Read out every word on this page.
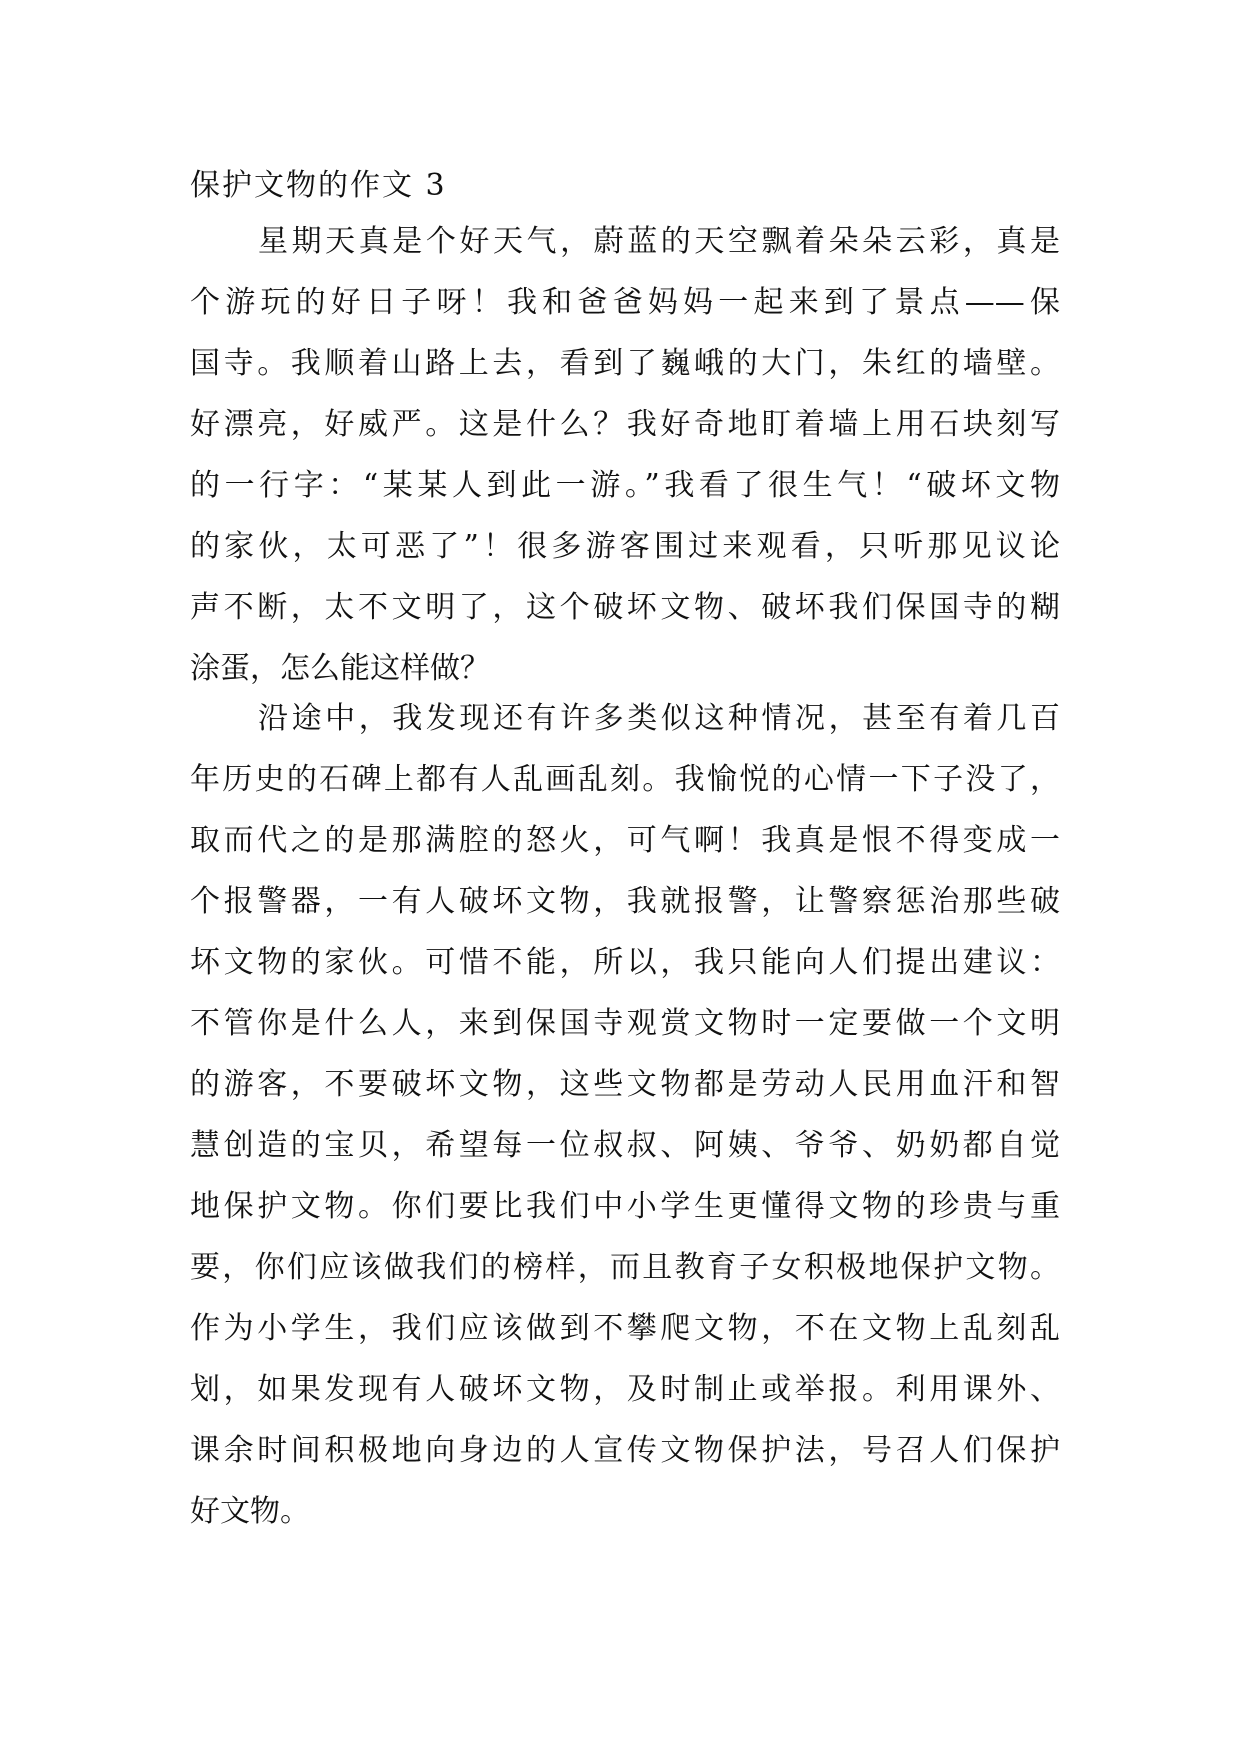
保护文物的作文 3
星期天真是个好天气，蔚蓝的天空飘着朵朵云彩，真是
个游玩的好日子呀！我和爸爸妈妈一起来到了景点——保
国寺。我顺着山路上去，看到了巍峨的大门，朱红的墙壁。
好漂亮，好威严。这是什么？我好奇地盯着墙上用石块刻写
的一行字：“某某人到此一游。”我看了很生气！“破坏文物
的家伙，太可恶了”！很多游客围过来观看，只听那见议论
声不断，太不文明了，这个破坏文物、破坏我们保国寺的糊
涂蛋，怎么能这样做？
沿途中，我发现还有许多类似这种情况，甚至有着几百
年历史的石碑上都有人乱画乱刻。我愉悦的心情一下子没了，
取而代之的是那满腔的怒火，可气啊！我真是恨不得变成一
个报警器，一有人破坏文物，我就报警，让警察惩治那些破
坏文物的家伙。可惜不能，所以，我只能向人们提出建议：
不管你是什么人，来到保国寺观赏文物时一定要做一个文明
的游客，不要破坏文物，这些文物都是劳动人民用血汗和智
慧创造的宝贝，希望每一位叔叔、阿姨、爷爷、奶奶都自觉
地保护文物。你们要比我们中小学生更懂得文物的珍贵与重
要，你们应该做我们的榜样，而且教育子女积极地保护文物。
作为小学生，我们应该做到不攀爬文物，不在文物上乱刻乱
划，如果发现有人破坏文物，及时制止或举报。利用课外、
课余时间积极地向身边的人宣传文物保护法，号召人们保护
好文物。
